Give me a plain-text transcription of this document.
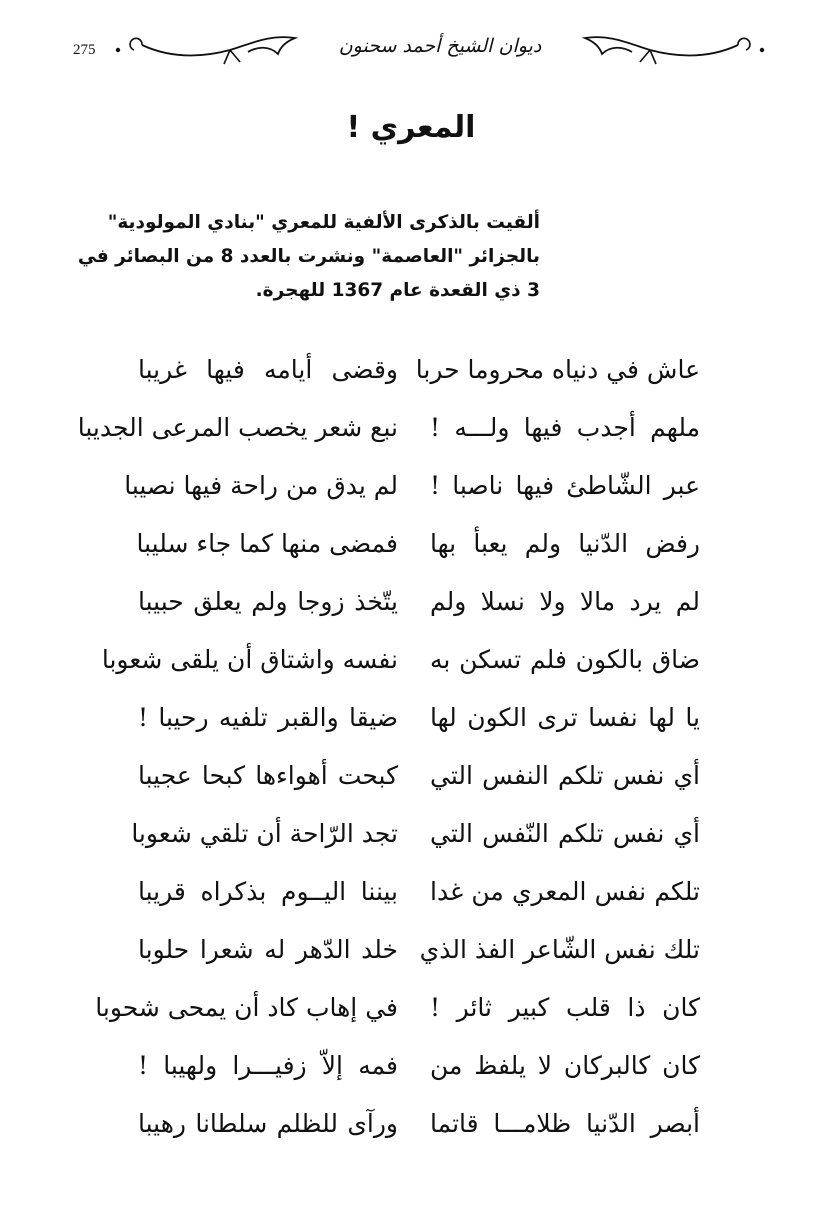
275	ديوان الشيخ أحمد سحنون
المعري !
ألقيت بالذكرى الألفية للمعري "بنادي المولودية"
بالجزائر "العاصمة" ونشرت بالعدد 8 من البصائر في
3 ذي القعدة عام 1367 للهجرة.
عاش في دنياه محروما حربا
وقضى أيامه فيها غريبا
ملهم أجدب فيها ولـــه !
نبع شعر يخصب المرعى الجديبا
عبر الشّاطئ فيها ناصبا !
لم يدق من راحة فيها نصيبا
رفض الدّنيا ولم يعبأ بها
فمضى منها كما جاء سليبا
لم يرد مالا ولا نسلا ولم
يتّخذ زوجا ولم يعلق حبيبا
ضاق بالكون فلم تسكن به
نفسه واشتاق أن يلقى شعوبا
يا لها نفسا ترى الكون لها
ضيقا والقبر تلفيه رحيبا !
أي نفس تلكم النفس التي
كبحت أهواءها كبحا عجيبا
أي نفس تلكم النّفس التي
تجد الرّاحة أن تلقي شعوبا
تلكم نفس المعري من غدا
بيننا اليــوم بذكراه قريبا
تلك نفس الشّاعر الفذ الذي
خلد الدّهر له شعرا حلوبا
كان ذا قلب كبير ثائر !
في إهاب كاد أن يمحى شحوبا
كان كالبركان لا يلفظ من
فمه إلاّ زفيـــرا ولهيبا !
أبصر الدّنيا ظلامـــا قاتما
ورآى للظلم سلطانا رهيبا
